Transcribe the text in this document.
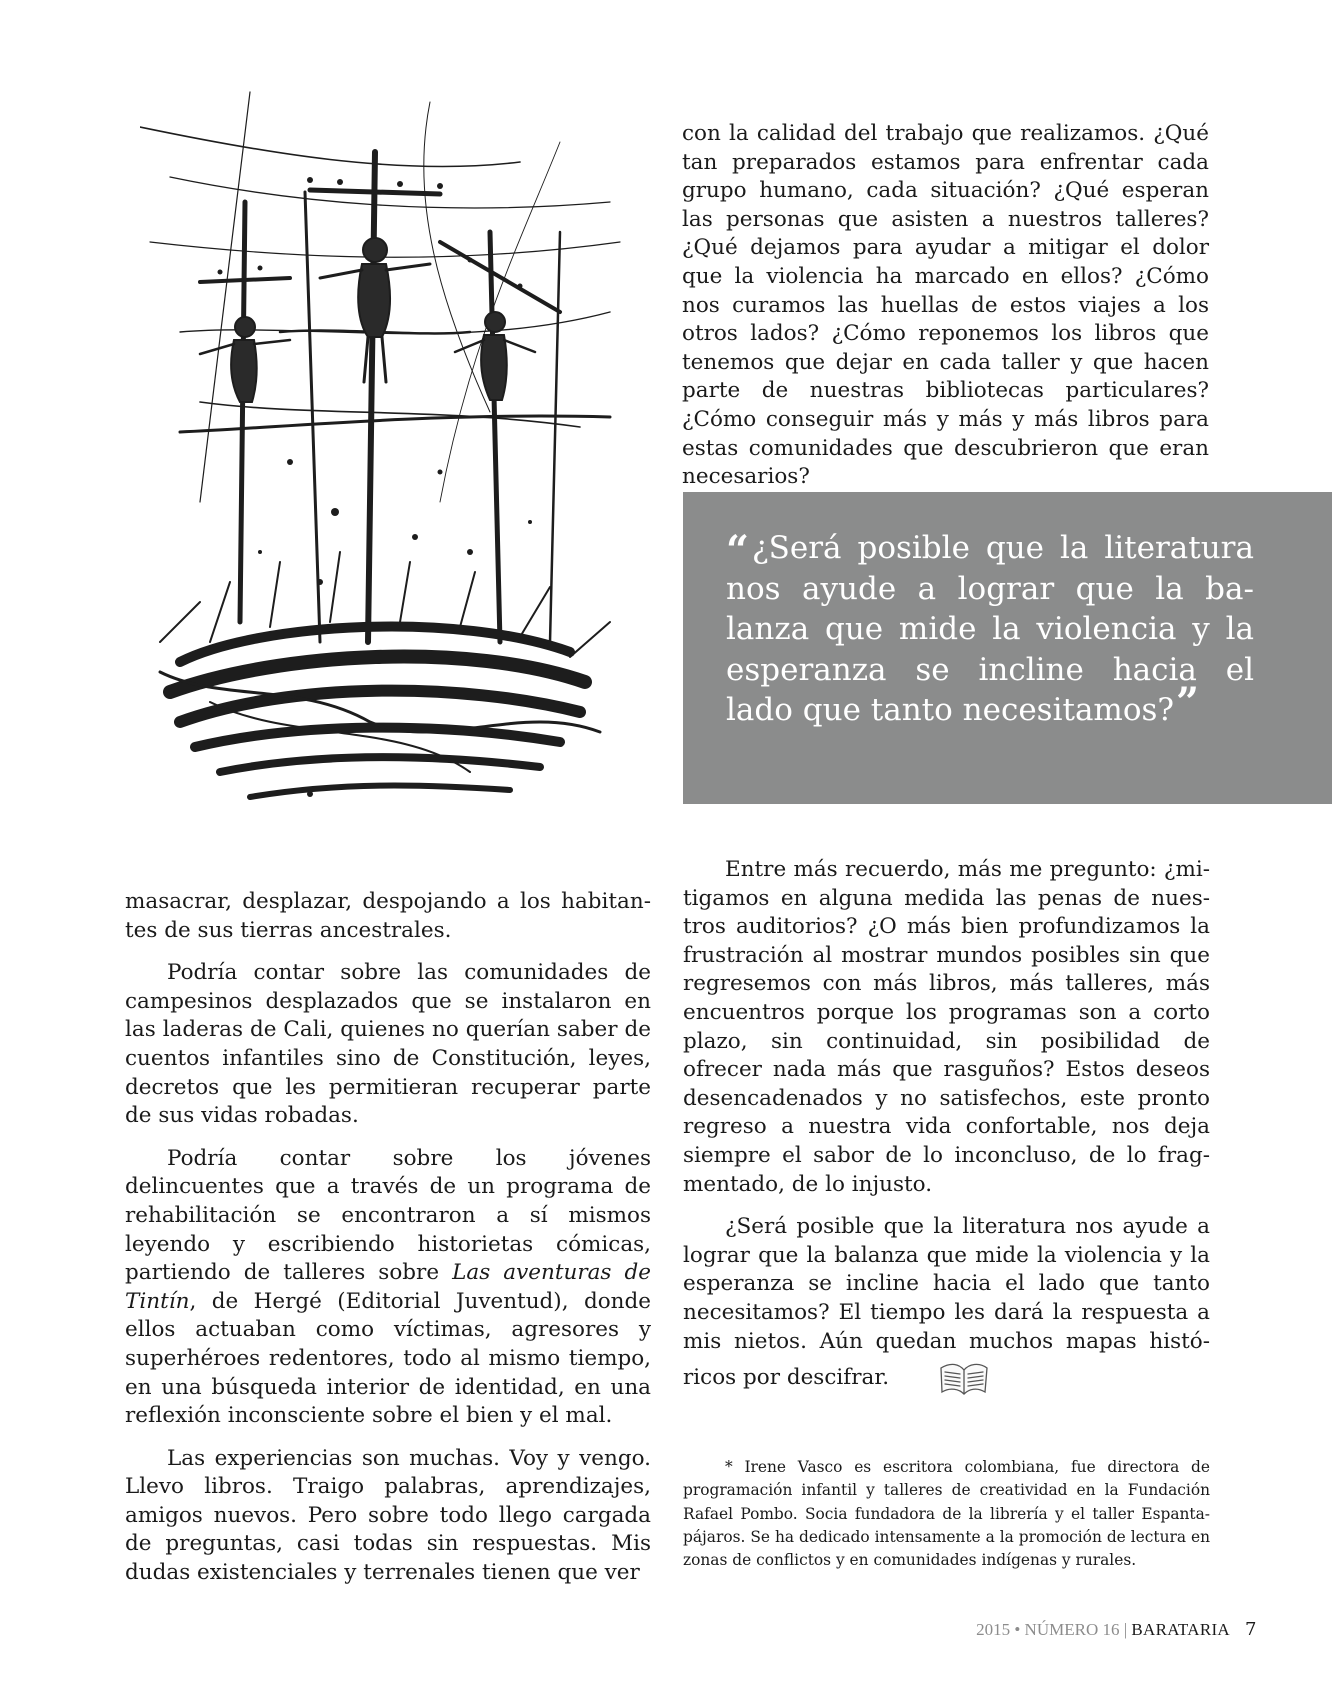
con la calidad del trabajo que realizamos. ¿Qué tan preparados estamos para enfrentar cada grupo humano, cada situación? ¿Qué esperan las personas que asisten a nuestros talleres? ¿Qué dejamos para ayudar a mitigar el dolor que la violencia ha marcado en ellos? ¿Cómo nos curamos las huellas de estos viajes a los otros lados? ¿Cómo reponemos los libros que tenemos que dejar en cada taller y que hacen parte de nuestras bibliotecas particulares? ¿Cómo conseguir más y más y más libros para estas comunidades que descubrieron que eran necesarios?

“¿Será posible que la literatura nos ayude a lograr que la balanza que mide la violencia y la esperanza se incline hacia el lado que tanto necesitamos?”

masacrar, desplazar, despojando a los habitantes de sus tierras ancestrales.

Podría contar sobre las comunidades de campesinos desplazados que se instalaron en las laderas de Cali, quienes no querían saber de cuentos infantiles sino de Constitución, leyes, decretos que les permitieran recuperar parte de sus vidas robadas.

Podría contar sobre los jóvenes delincuentes que a través de un programa de rehabilitación se encontraron a sí mismos leyendo y escribiendo historietas cómicas, partiendo de talleres sobre Las aventuras de Tintín, de Hergé (Editorial Juventud), donde ellos actuaban como víctimas, agresores y superhéroes redentores, todo al mismo tiempo, en una búsqueda interior de identidad, en una reflexión inconsciente sobre el bien y el mal.

Las experiencias son muchas. Voy y vengo. Llevo libros. Traigo palabras, aprendizajes, amigos nuevos. Pero sobre todo llego cargada de preguntas, casi todas sin respuestas. Mis dudas existenciales y terrenales tienen que ver

Entre más recuerdo, más me pregunto: ¿mitigamos en alguna medida las penas de nuestros auditorios? ¿O más bien profundizamos la frustración al mostrar mundos posibles sin que regresemos con más libros, más talleres, más encuentros porque los programas son a corto plazo, sin continuidad, sin posibilidad de ofrecer nada más que rasguños? Estos deseos desencadenados y no satisfechos, este pronto regreso a nuestra vida confortable, nos deja siempre el sabor de lo inconcluso, de lo fragmentado, de lo injusto.

¿Será posible que la literatura nos ayude a lograr que la balanza que mide la violencia y la esperanza se incline hacia el lado que tanto necesitamos? El tiempo les dará la respuesta a mis nietos. Aún quedan muchos mapas históricos por descifrar.

* Irene Vasco es escritora colombiana, fue directora de programación infantil y talleres de creatividad en la Fundación Rafael Pombo. Socia fundadora de la librería y el taller Espantapájaros. Se ha dedicado intensamente a la promoción de lectura en zonas de conflictos y en comunidades indígenas y rurales.
2015 • NÚMERO 16 | BARATARIA 7
